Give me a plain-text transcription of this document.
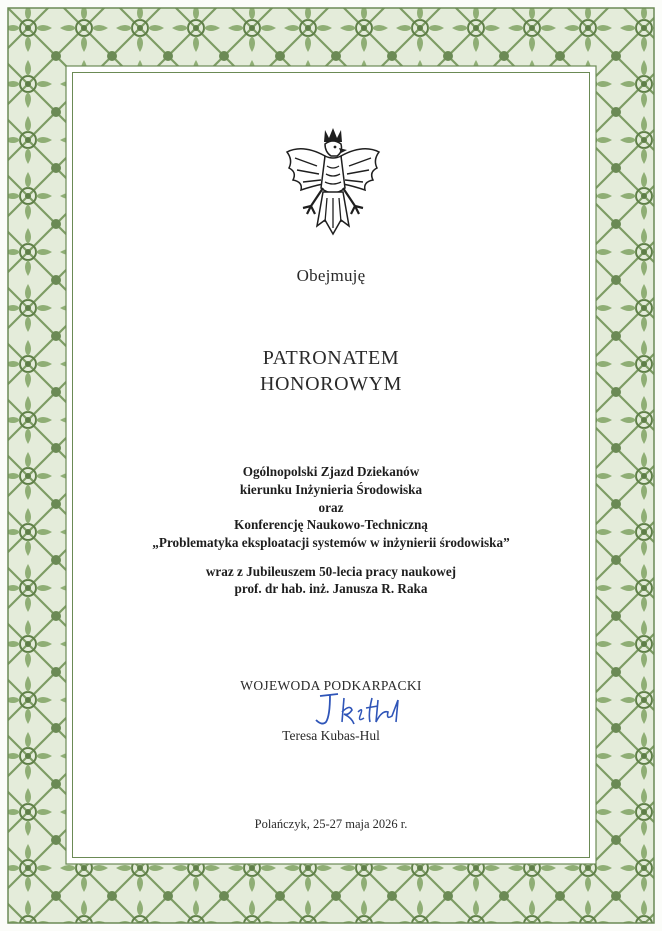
Obejmuję
PATRONATEM
HONOROWYM
Ogólnopolski Zjazd Dziekanów
kierunku Inżynieria Środowiska
oraz
Konferencję Naukowo-Techniczną
„Problematyka eksploatacji systemów w inżynierii środowiska”
wraz z Jubileuszem 50-lecia pracy naukowej
prof. dr hab. inż. Janusza R. Raka
WOJEWODA PODKARPACKI
Teresa Kubas-Hul
Polańczyk, 25-27 maja 2026 r.
